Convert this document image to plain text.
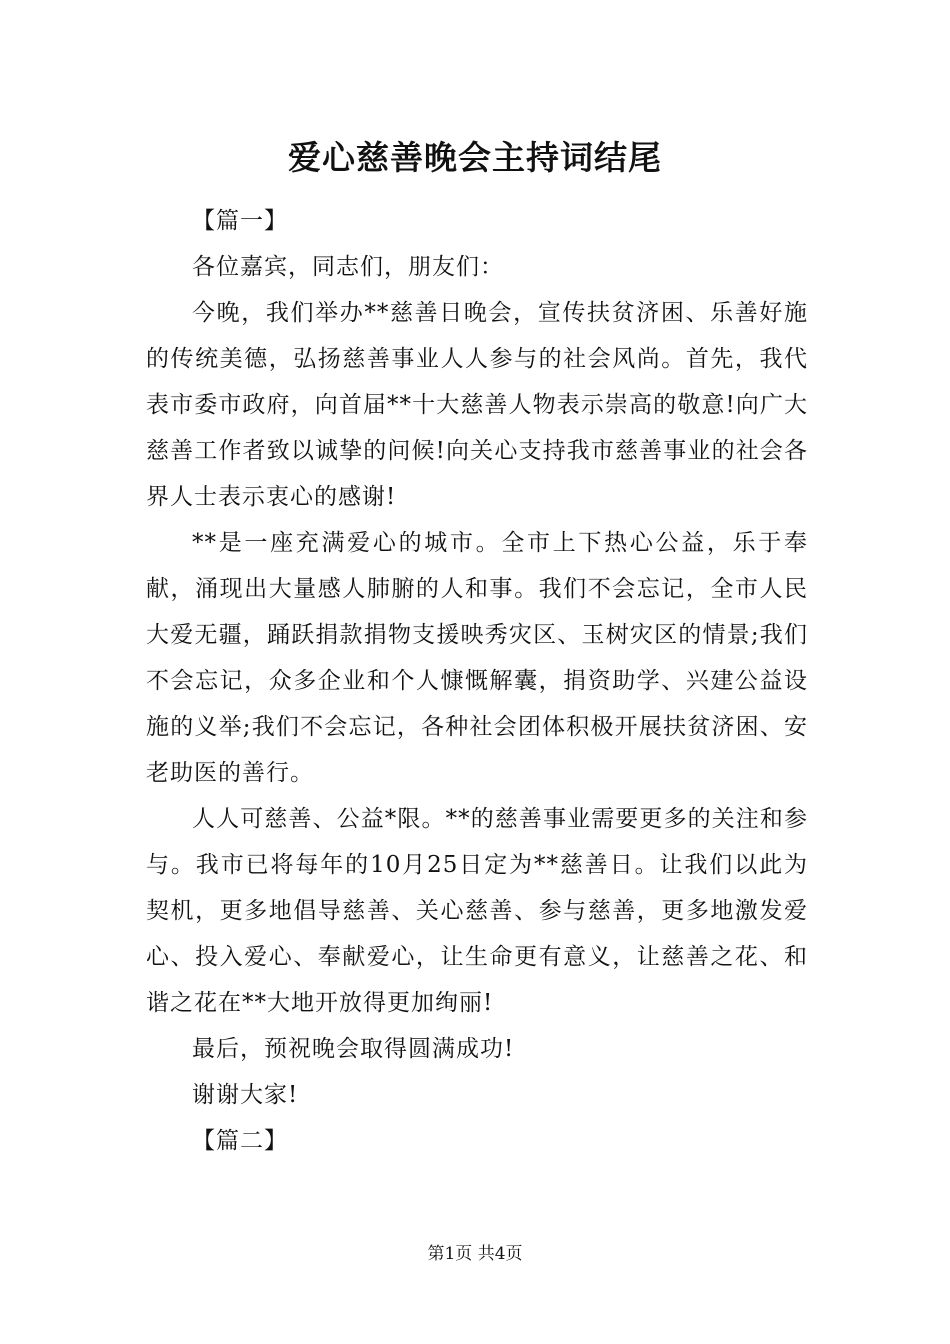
爱心慈善晚会主持词结尾

【篇一】

各位嘉宾，同志们，朋友们：

今晚，我们举办**慈善日晚会，宣传扶贫济困、乐善好施的传统美德，弘扬慈善事业人人参与的社会风尚。首先，我代表市委市政府，向首届**十大慈善人物表示崇高的敬意!向广大慈善工作者致以诚挚的问候!向关心支持我市慈善事业的社会各界人士表示衷心的感谢!

**是一座充满爱心的城市。全市上下热心公益，乐于奉献，涌现出大量感人肺腑的人和事。我们不会忘记，全市人民大爱无疆，踊跃捐款捐物支援映秀灾区、玉树灾区的情景;我们不会忘记，众多企业和个人慷慨解囊，捐资助学、兴建公益设施的义举;我们不会忘记，各种社会团体积极开展扶贫济困、安老助医的善行。

人人可慈善、公益*限。**的慈善事业需要更多的关注和参与。我市已将每年的10月25日定为**慈善日。让我们以此为契机，更多地倡导慈善、关心慈善、参与慈善，更多地激发爱心、投入爱心、奉献爱心，让生命更有意义，让慈善之花、和谐之花在**大地开放得更加绚丽!

最后，预祝晚会取得圆满成功!

谢谢大家!

【篇二】

第1页 共4页
